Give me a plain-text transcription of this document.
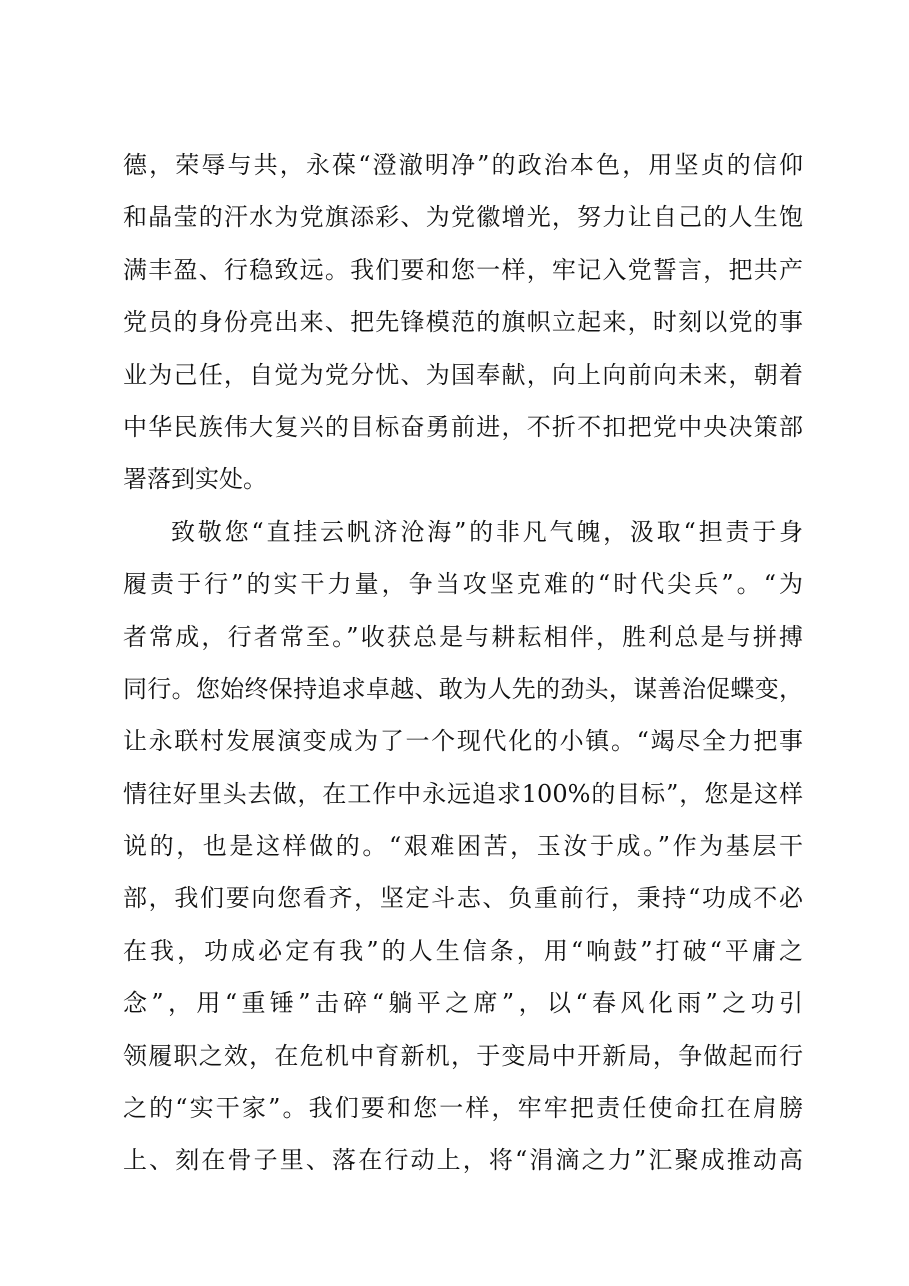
德，荣辱与共，永葆“澄澈明净”的政治本色，用坚贞的信仰
和晶莹的汗水为党旗添彩、为党徽增光，努力让自己的人生饱
满丰盈、行稳致远。我们要和您一样，牢记入党誓言，把共产
党员的身份亮出来、把先锋模范的旗帜立起来，时刻以党的事
业为己任，自觉为党分忧、为国奉献，向上向前向未来，朝着
中华民族伟大复兴的目标奋勇前进，不折不扣把党中央决策部
署落到实处。
致敬您“直挂云帆济沧海”的非凡气魄，汲取“担责于身
履责于行”的实干力量，争当攻坚克难的“时代尖兵”。“为
者常成，行者常至。”收获总是与耕耘相伴，胜利总是与拼搏
同行。您始终保持追求卓越、敢为人先的劲头，谋善治促蝶变，
让永联村发展演变成为了一个现代化的小镇。“竭尽全力把事
情往好里头去做，在工作中永远追求100%的目标”，您是这样
说的，也是这样做的。“艰难困苦，玉汝于成。”作为基层干
部，我们要向您看齐，坚定斗志、负重前行，秉持“功成不必
在我，功成必定有我”的人生信条，用“响鼓”打破“平庸之
念”，用“重锤”击碎“躺平之席”，以“春风化雨”之功引
领履职之效，在危机中育新机，于变局中开新局，争做起而行
之的“实干家”。我们要和您一样，牢牢把责任使命扛在肩膀
上、刻在骨子里、落在行动上，将“涓滴之力”汇聚成推动高
